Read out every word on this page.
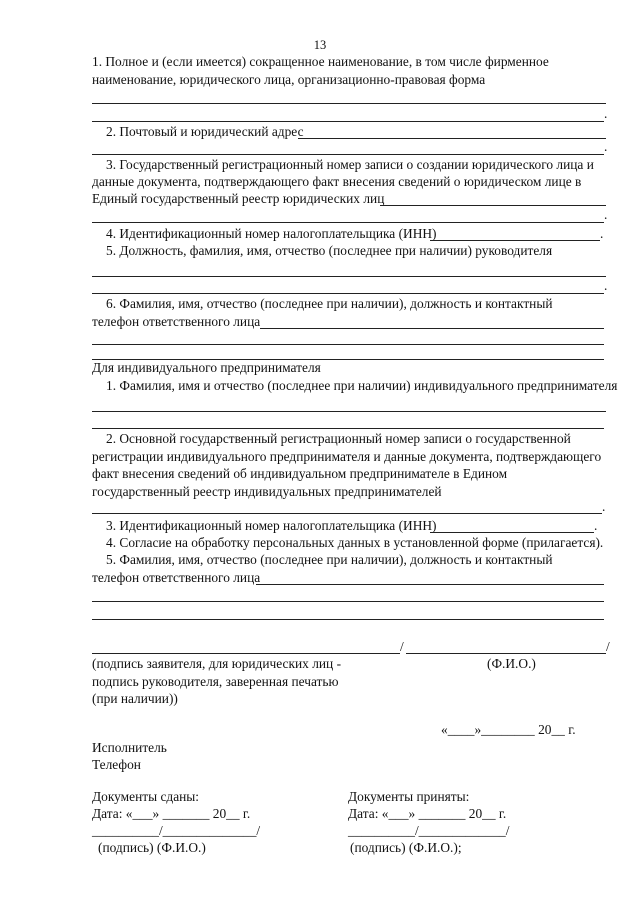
13
1. Полное и (если имеется) сокращенное наименование, в том числе фирменное
наименование, юридического лица, организационно-правовая форма
.
2. Почтовый и юридический адрес
.
3. Государственный регистрационный номер записи о создании юридического лица и
данные документа, подтверждающего факт внесения сведений о юридическом лице в
Единый государственный реестр юридических лиц
.
4. Идентификационный номер налогоплательщика (ИНН)	.
5. Должность, фамилия, имя, отчество (последнее при наличии) руководителя
.
6. Фамилия, имя, отчество (последнее при наличии), должность и контактный
телефон ответственного лица
Для индивидуального предпринимателя
1. Фамилия, имя и отчество (последнее при наличии) индивидуального предпринимателя
2. Основной государственный регистрационный номер записи о государственной
регистрации индивидуального предпринимателя и данные документа, подтверждающего
факт внесения сведений об индивидуальном предпринимателе в Едином
государственный реестр индивидуальных предпринимателей
.
3. Идентификационный номер налогоплательщика (ИНН)	.
4. Согласие на обработку персональных данных в установленной форме (прилагается).
5. Фамилия, имя, отчество (последнее при наличии), должность и контактный
телефон ответственного лица
/	/
(подпись заявителя, для юридических лиц -	(Ф.И.О.)
подпись руководителя, заверенная печатью
(при наличии))
«____»________ 20__ г.
Исполнитель
Телефон
Документы сданы:
Дата: «___» _______ 20__ г.
__________/______________/
(подпись) (Ф.И.О.)
Документы приняты:
Дата: «___» _______ 20__ г.
__________/_____________/
(подпись) (Ф.И.О.);
